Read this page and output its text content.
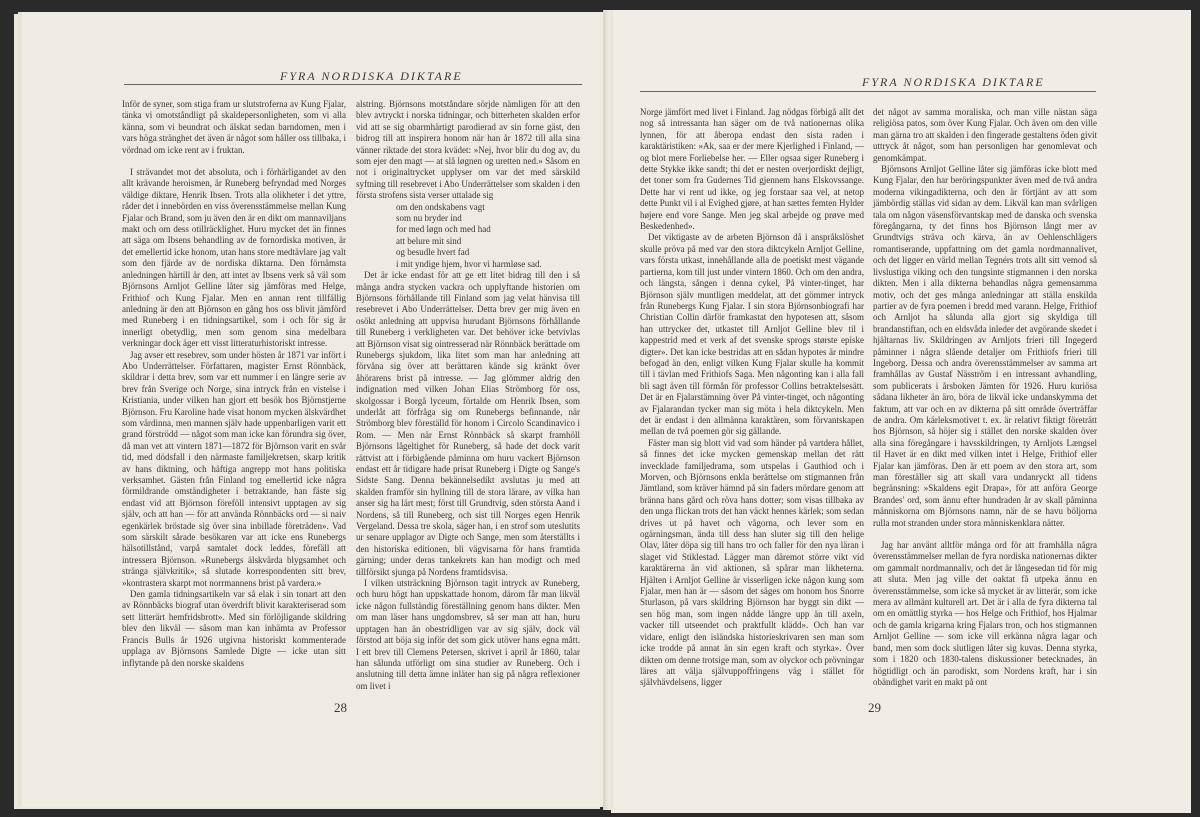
FYRA NORDISKA DIKTARE	FYRA NORDISKA DIKTARE

Inför de syner, som stiga fram ur slutstroferna av Kung Fjalar, tänka vi omotståndligt på skaldepersonligheten, som vi alla känna, som vi beundrat och älskat sedan barndomen, men i vars höga stränghet det även är något som håller oss tillbaka, i vördnad om icke rent av i fruktan.

I strävandet mot det absoluta, och i förhärligandet av den allt krävande heroismen, är Runeberg befryndad med Norges väldige diktare, Henrik Ibsen. Trots alla olikheter i det yttre, råder det i innebörden en viss överensstämmelse mellan Kung Fjalar och Brand, som ju även den är en dikt om mannaviljans makt och om dess otillräcklighet. Huru mycket det än finnes att säga om Ibsens behandling av de fornordiska motiven, är det emellertid icke honom, utan hans store medtävlare jag valt som den fjärde av de nordiska diktarna. Den förnämsta anledningen härtill är den, att intet av Ibsens verk så väl som Björnsons Arnljot Gelline låter sig jämföras med Helge, Frithiof och Kung Fjalar. Men en annan rent tillfällig anledning är den att Björnson en gång hos oss blivit jämförd med Runeberg i en tidningsartikel, som i och för sig är innerligt obetydlig, men som genom sina medelbara verkningar dock äger ett visst litteraturhistoriskt intresse.

Jag avser ett resebrev, som under hösten år 1871 var infört i Abo Underrättelser. Författaren, magister Ernst Rönnbäck, skildrar i detta brev, som var ett nummer i en längre serie av brev från Sverige och Norge, sina intryck från en vistelse i Kristiania, under vilken han gjort ett besök hos Björnstjerne Björnson. Fru Karoline hade visat honom mycken älskvärdhet som värdinna, men mannen själv hade uppenbarligen varit ett grand förströdd — något som man icke kan förundra sig över, då man vet att vintern 1871—1872 för Björnson varit en svår tid, med dödsfall i den närmaste familjekretsen, skarp kritik av hans diktning, och häftiga angrepp mot hans politiska verksamhet. Gästen från Finland tog emellertid icke några förmildrande omständigheter i betraktande, han fäste sig endast vid att Björnson föreföll intensivt upptagen av sig själv, och att han — för att använda Rönnbäcks ord — si naiv egenkärlek bröstade sig över sina inbillade företräden». Vad som särskilt sårade besökaren var att icke ens Runebergs hälsotillstånd, varpå samtalet dock leddes, förefäll att intressera Björnson. »Runebergs älskvärda blygsamhet och stränga självkritik», så slutade korrespondenten sitt brev, »kontrastera skarpt mot norrmannens brist på vardera.»

Den gamla tidningsartikeln var så elak i sin tonart att den av Rönnbäcks biograf utan överdrift blivit karakteriserad som sett litterärt hemfridsbrott». Med sin förlöjligande skildring blev den likväl — såsom man kan inhämta av Professor Francis Bulls år 1926 utgivna historiskt kommenterade upplaga av Björnsons Samlede Digte — icke utan sitt inflytande på den norske skaldens

alstring. Björnsons motståndare sörjde nämligen för att den blev avtryckt i norska tidningar, och bitterheten skalden erfor vid att se sig obarmhärtigt parodierad av sin forne gäst, den bidrog till att inspirera honom när han år 1872 till alla sina vänner riktade det stora kvädet: »Nej, hvor blir du dog av, du som ejer den magt — at slå løgnen og uretten ned.» Såsom en not i originaltrycket upplyser om var det med särskild syftning till resebrevet i Abo Underrättelser som skalden i den första strofens sista verser uttalade sig

om den ondskabens vagt
som nu bryder ind
for med løgn och med had
att belure mit sind
og besudle hvert fad
i mit yndige hjem, hvor vi harmløse sad.

Det är icke endast för att ge ett litet bidrag till den i så många andra stycken vackra och upplyftande historien om Björnsons förhållande till Finland som jag velat hänvisa till resebrevet i Abo Underrättelser. Detta brev ger mig även en osökt anledning att uppvisa hurudant Björnsons förhållande till Runeberg i verkligheten var. Det behöver icke betvivlas att Björnson visat sig ointresserad när Rönnbäck berättade om Runebergs sjukdom, lika litet som man har anledning att förvåna sig över att berättaren kände sig kränkt över åhörarens brist på intresse. — Jag glömmer aldrig den indignation med vilken Johan Elias Strömborg för oss, skolgossar i Borgå lyceum, förtalde om Henrik Ibsen, som underlåt att förfråga sig om Runebergs befinnande, när Strömborg blev föreställd för honom i Circolo Scandinavico i Rom. — Men när Ernst Rönnbäck så skarpt framhöll Björnsons lågeltighet för Runeberg, så hade det dock varit rättvist att i förbigående påminna om huru vackert Björnson endast ett år tidigare hade prisat Runeberg i Digte og Sange's Sidste Sang. Denna bekännelsedikt avslutas ju med att skalden framför sin hyllning till de stora lärare, av vilka han anser sig ha lärt mest; först till Grundtvig, sden största Aand i Nordens, så till Runeberg, och sist till Norges egen Henrik Vergeland. Dessa tre skola, säger han, i en strof som uteslutits ur senare upplagor av Digte och Sange, men som återställts i den historiska editionen, bli vägvisarna för hans framtida gärning; under deras tankekrets kan han modigt och med tillförsikt sjunga på Nordens framtidsvisa.

I vilken utsträckning Björnson tagit intryck av Runeberg, och huru högt han uppskattade honom, därom får man likväl icke någon fullständig föreställning genom hans dikter. Men om man läser hans ungdomsbrev, så ser man att han, huru upptagen han än obestridligen var av sig själv, dock väl förstod att böja sig inför det som gick utöver hans egna mått. I ett brev till Clemens Petersen, skrivet i april år 1860, talar han sålunda utförligt om sina studier av Runeberg. Och i anslutning till detta ämne inläter han sig på några reflexioner om livet i

Norge jämfört med livet i Finland. Jag nödgas förbigå allt det nog så intressanta han säger om de två nationernas olika lynnen, för att åberopa endast den sista raden i karaktäristiken: »Ak, saa er der mere Kjerlighed i Finland, — og blot mere Forliebelse her. — Eller ogsaa siger Runeberg i dette Stykke ikke sandt; thi det er nesten overjordiskt dejligt, det toner som fra Gudernes Tid gjennem hans Elskovssange. Dette har vi rent ud ikke, og jeg forstaar saa vel, at netop dette Punkt vil i al Evighed gjøre, at han sættes femten Hylder højere end vore Sange. Men jeg skal arbejde og prøve med Beskedenhed».

Det viktigaste av de arbeten Björnson då i anspråkslöshet skulle pröva på med var den stora diktcykeln Arnljot Gelline, vars första utkast, innehållande alla de poetiskt mest vägande partierna, kom till just under vintern 1860. Och om den andra, och längsta, sången i denna cykel, På vinter-tinget, har Björnson själv muntligen meddelat, att det gömmer intryck från Runebergs Kung Fjalar. I sin stora Björnsonbiografi har Christian Collin därför framkastat den hypotesen att, såsom han uttrycker det, utkastet till Arnljot Gelline blev til i kappestrid med et verk af det svenske sprogs største episke digter». Det kan icke bestridas att en sådan hypotes är mindre befogad än den, enligt vilken Kung Fjalar skulle ha kommit till i tävlan med Frithiofs Saga. Men någonting kan i alla fall bli sagt även till förmån för professor Collins betraktelsesätt. Det är en Fjalarstämning över På vinter-tinget, och någonting av Fjalarandan tycker man sig möta i hela diktcykeln. Men det är endast i den allmänna karaktären, som förvantskapen mellan de två poemen gör sig gällande.

Fäster man sig blott vid vad som händer på vartdera hållet, så finnes det icke mycken gemenskap mellan det rätt invecklade familjedrama, som utspelas i Gauthiod och i Morven, och Björnsons enkla berättelse om stigmannen från Jämtland, som kräver hämnd på sin faders mördare genom att bränna hans gård och röva hans dotter; som visas tillbaka av den unga flickan trots det han väckt hennes kärlek; som sedan drives ut på havet och vågorna, och lever som en ogärningsman, ända till dess han sluter sig till den helige Olav, låter döpa sig till hans tro och faller för den nya läran i slaget vid Stiklestad. Lägger man däremot större vikt vid karaktärerna än vid aktionen, så spårar man likheterna. Hjälten i Arnljot Gelline är visserligen icke någon kung som Fjalar, men han är — såsom det säges om honom hos Snorre Sturlason, på vars skildring Björnson har byggt sin dikt — sen hög man, som ingen nådde längre upp än till axeln, vacker till utseendet och praktfullt klädd». Och han var vidare, enligt den isländska historieskrivaren sen man som icke trodde på annat än sin egen kraft och styrka». Över dikten om denne trotsige man, som av olyckor och prövningar läres att välja självuppoffringens väg i stället för självhävdelsens, ligger

det något av samma moraliska, och man ville nästan säga religiösa patos, som över Kung Fjalar. Och även om den ville man gärna tro att skalden i den fingerade gestaltens öden givit uttryck åt något, som han personligen har genomlevat och genomkämpat.

Björnsons Arnljot Gelline låter sig jämföras icke blott med Kung Fjalar, den har beröringspunkter även med de två andra moderna vikingadikterna, och den är förtjänt av att som jämbördig ställas vid sidan av dem. Likväl kan man svårligen tala om någon väsensförvantskap med de danska och svenska föregångarna, ty det finns hos Björnson långt mer av Grundtvigs sträva och kärva, än av Oehlenschlägers romantiserande, uppfattning om det gamla nordmannalivet, och det ligger en värld mellan Tegnérs trots allt sitt vemod så livslustiga viking och den tungsinte stigmannen i den norska dikten. Men i alla dikterna behandlas några gemensamma motiv, och det ges många anledningar att ställa enskilda partier av de fyra poemen i bredd med varann. Helge, Frithiof och Arnljot ha sålunda alla gjort sig skyldiga till brandanstiftan, och en eldsvåda inleder det avgörande skedet i hjältarnas liv. Skildringen av Arnljots frieri till Ingegerd påminner i några slående detaljer om Frithiofs frieri till Ingeborg. Dessa och andra överensstämmelser av samma art framhållas av Gustaf Näsström i en intressant avhandling, som publicerats i årsboken Jämten för 1926. Huru kuriösa sådana likheter än äro, böra de likväl icke undanskymma det faktum, att var och en av dikterna på sitt område överträffar de andra. Om kärleksmotivet t. ex. är relativt fiktigt företrätt hos Björnson, så höjer sig i stället den norske skalden över alla sina föregångare i havsskildringen, ty Arnljots Længsel til Havet är en dikt med vilken intet i Helge, Frithiof eller Fjalar kan jämföras. Den är ett poem av den stora art, som man föreställer sig att skall vara undanryckt all tidens begränsning: »Skaldens egit Drapa», för att anföra George Brandes' ord, som ännu efter hundraden år av skall påminna människorna om Björnsons namn, när de se havu böljorna rulla mot stranden under stora människenklara nätter.

Jag har använt alltför många ord för att framhålla några överensstämmelser mellan de fyra nordiska nationernas dikter om gammalt nordmannaliv, och det är långesedan tid för mig att sluta. Men jag ville det oaktat få utpeka ännu en överensstämmelse, som icke så mycket är av litterär, som icke mera av allmänt kulturell art. Det är i alla de fyra dikterna tal om en omättlig styrka — hos Helge och Frithiof, hos Hjalmar och de gamla krigarna kring Fjalars tron, och hos stigmannen Arnljot Gelline — som icke vill erkänna några lagar och band, men som dock slutligen låter sig kuvas. Denna styrka, som i 1820 och 1830-talens diskussioner betecknades, än högtidligt och än parodiskt, som Nordens kraft, har i sin obändighet varit en makt på ont

28	29
